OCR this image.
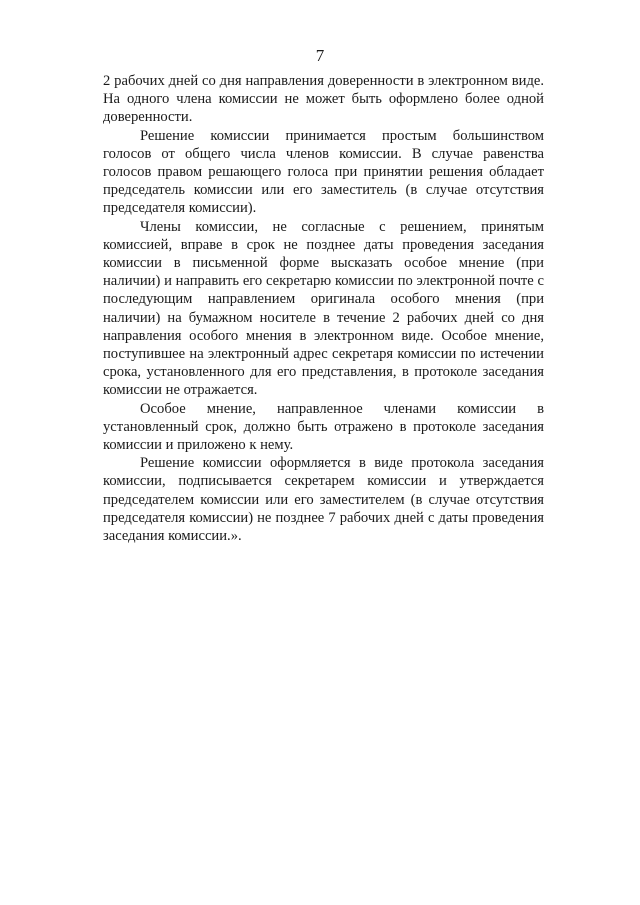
7

2 рабочих дней со дня направления доверенности в электронном виде. На одного члена комиссии не может быть оформлено более одной доверенности.

Решение комиссии принимается простым большинством голосов от общего числа членов комиссии. В случае равенства голосов правом решающего голоса при принятии решения обладает председатель комиссии или его заместитель (в случае отсутствия председателя комиссии).

Члены комиссии, не согласные с решением, принятым комиссией, вправе в срок не позднее даты проведения заседания комиссии в письменной форме высказать особое мнение (при наличии) и направить его секретарю комиссии по электронной почте с последующим направлением оригинала особого мнения (при наличии) на бумажном носителе в течение 2 рабочих дней со дня направления особого мнения в электронном виде. Особое мнение, поступившее на электронный адрес секретаря комиссии по истечении срока, установленного для его представления, в протоколе заседания комиссии не отражается.

Особое мнение, направленное членами комиссии в установленный срок, должно быть отражено в протоколе заседания комиссии и приложено к нему.

Решение комиссии оформляется в виде протокола заседания комиссии, подписывается секретарем комиссии и утверждается председателем комиссии или его заместителем (в случае отсутствия председателя комиссии) не позднее 7 рабочих дней с даты проведения заседания комиссии.».
